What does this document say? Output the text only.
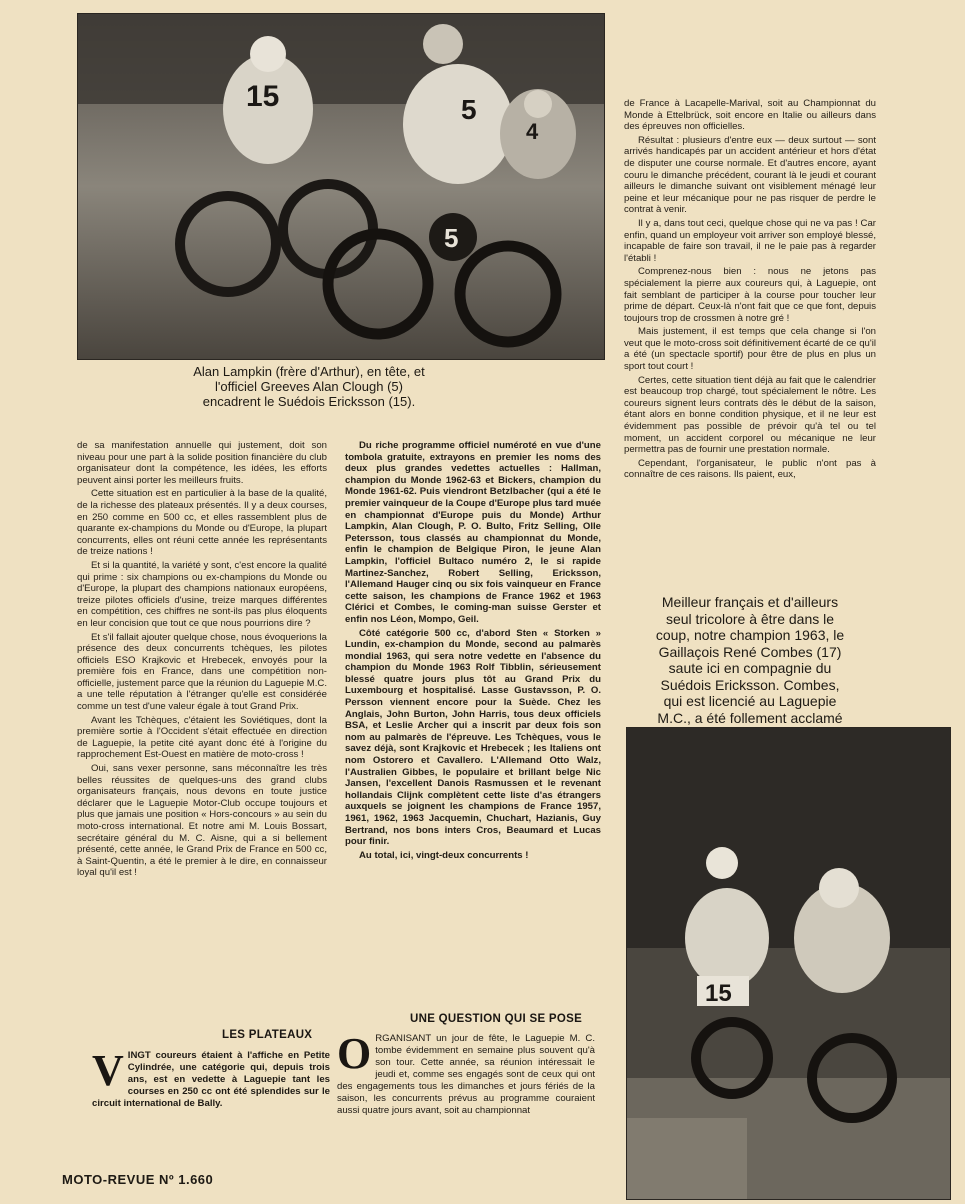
15	5
4
5
Alan Lampkin (frère d'Arthur), en tête, et l'officiel Greeves Alan Clough (5) encadrent le Suédois Ericksson (15).

de sa manifestation annuelle qui justement, doit son niveau pour une part à la solide position financière du club organisateur dont la compétence, les idées, les efforts peuvent ainsi porter les meilleurs fruits.

Cette situation est en particulier à la base de la qualité, de la richesse des plateaux présentés. Il y a deux courses, en 250 comme en 500 cc, et elles rassemblent plus de quarante ex-champions du Monde ou d'Europe, la plupart concurrents, elles ont réuni cette année les représentants de treize nations !

Et si la quantité, la variété y sont, c'est encore la qualité qui prime : six champions ou ex-champions du Monde ou d'Europe, la plupart des champions nationaux européens, treize pilotes officiels d'usine, treize marques différentes en compétition, ces chiffres ne sont-ils pas plus éloquents en leur concision que tout ce que nous pourrions dire ?

Et s'il fallait ajouter quelque chose, nous évoquerions la présence des deux concurrents tchèques, les pilotes officiels ESO Krajkovic et Hrebecek, envoyés pour la première fois en France, dans une compétition non-officielle, justement parce que la réunion du Laguepie M.C. a une telle réputation à l'étranger qu'elle est considérée comme un test d'une valeur égale à tout Grand Prix.

Avant les Tchèques, c'étaient les Soviétiques, dont la première sortie à l'Occident s'était effectuée en direction de Laguepie, la petite cité ayant donc été à l'origine du rapprochement Est-Ouest en matière de moto-cross !

Oui, sans vexer personne, sans méconnaître les très belles réussites de quelques-uns des grand clubs organisateurs français, nous devons en toute justice déclarer que le Laguepie Motor-Club occupe toujours et plus que jamais une position « Hors-concours » au sein du moto-cross international. Et notre ami M. Louis Bossart, secrétaire général du M. C. Aisne, qui a si bellement présenté, cette année, le Grand Prix de France en 500 cc, à Saint-Quentin, a été le premier à le dire, en connaisseur loyal qu'il est !

Du riche programme officiel numéroté en vue d'une tombola gratuite, extrayons en premier les noms des deux plus grandes vedettes actuelles : Hallman, champion du Monde 1962-63 et Bickers, champion du Monde 1961-62. Puis viendront Betzlbacher (qui a été le premier vainqueur de la Coupe d'Europe plus tard muée en championnat d'Europe puis du Monde) Arthur Lampkin, Alan Clough, P. O. Bulto, Fritz Selling, Olle Petersson, tous classés au championnat du Monde, enfin le champion de Belgique Piron, le jeune Alan Lampkin, l'officiel Bultaco numéro 2, le si rapide Martinez-Sanchez, Robert Selling, Ericksson, l'Allemand Hauger cinq ou six fois vainqueur en France cette saison, les champions de France 1962 et 1963 Clérici et Combes, le coming-man suisse Gerster et enfin nos Léon, Mompo, Geil.

Côté catégorie 500 cc, d'abord Sten « Storken » Lundin, ex-champion du Monde, second au palmarès mondial 1963, qui sera notre vedette en l'absence du champion du Monde 1963 Rolf Tibblin, sérieusement blessé quatre jours plus tôt au Grand Prix du Luxembourg et hospitalisé. Lasse Gustavsson, P. O. Persson viennent encore pour la Suède. Chez les Anglais, John Burton, John Harris, tous deux officiels BSA, et Leslie Archer qui a inscrit par deux fois son nom au palmarès de l'épreuve. Les Tchèques, vous le savez déjà, sont Krajkovic et Hrebecek ; les Italiens ont nom Ostorero et Cavallero. L'Allemand Otto Walz, l'Australien Gibbes, le populaire et brillant belge Nic Jansen, l'excellent Danois Rasmussen et le revenant hollandais Clijnk complètent cette liste d'as étrangers auxquels se joignent les champions de France 1957, 1961, 1962, 1963 Jacquemin, Chuchart, Hazianis, Guy Bertrand, nos bons inters Cros, Beaumard et Lucas pour finir.

Au total, ici, vingt-deux concurrents !

de France à Lacapelle-Marival, soit au Championnat du Monde à Ettelbrück, soit encore en Italie ou ailleurs dans des épreuves non officielles.

Résultat : plusieurs d'entre eux — deux surtout — sont arrivés handicapés par un accident antérieur et hors d'état de disputer une course normale. Et d'autres encore, ayant couru le dimanche précédent, courant là le jeudi et courant ailleurs le dimanche suivant ont visiblement ménagé leur peine et leur mécanique pour ne pas risquer de perdre le contrat à venir.

Il y a, dans tout ceci, quelque chose qui ne va pas ! Car enfin, quand un employeur voit arriver son employé blessé, incapable de faire son travail, il ne le paie pas à regarder l'établi !

Comprenez-nous bien : nous ne jetons pas spécialement la pierre aux coureurs qui, à Laguepie, ont fait semblant de participer à la course pour toucher leur prime de départ. Ceux-là n'ont fait que ce que font, depuis toujours trop de crossmen à notre gré !

Mais justement, il est temps que cela change si l'on veut que le moto-cross soit définitivement écarté de ce qu'il a été (un spectacle sportif) pour être de plus en plus un sport tout court !

Certes, cette situation tient déjà au fait que le calendrier est beaucoup trop chargé, tout spécialement le nôtre. Les coureurs signent leurs contrats dès le début de la saison, étant alors en bonne condition physique, et il ne leur est évidemment pas possible de prévoir qu'à tel ou tel moment, un accident corporel ou mécanique ne leur permettra pas de fournir une prestation normale.

Cependant, l'organisateur, le public n'ont pas à connaître de ces raisons. Ils paient, eux,

Meilleur français et d'ailleurs seul tricolore à être dans le coup, notre champion 1963, le Gaillaçois René Combes (17) saute ici en compagnie du Suédois Ericksson. Combes, qui est licencié au Laguepie M.C., a été follement acclamé
15
LES PLATEAUX
V INGT coureurs étaient à l'affiche en Petite Cylindrée, une catégorie qui, depuis trois ans, est en vedette à Laguepie tant les courses en 250 cc ont été splendides sur le circuit international de Bally.
UNE QUESTION QUI SE POSE
O RGANISANT un jour de fête, le Laguepie M. C. tombe évidemment en semaine plus souvent qu'à son tour. Cette année, sa réunion intéressait le jeudi et, comme ses engagés sont de ceux qui ont des engagements tous les dimanches et jours fériés de la saison, les concurrents prévus au programme couraient aussi quatre jours avant, soit au championnat
MOTO-REVUE Nº 1.660
